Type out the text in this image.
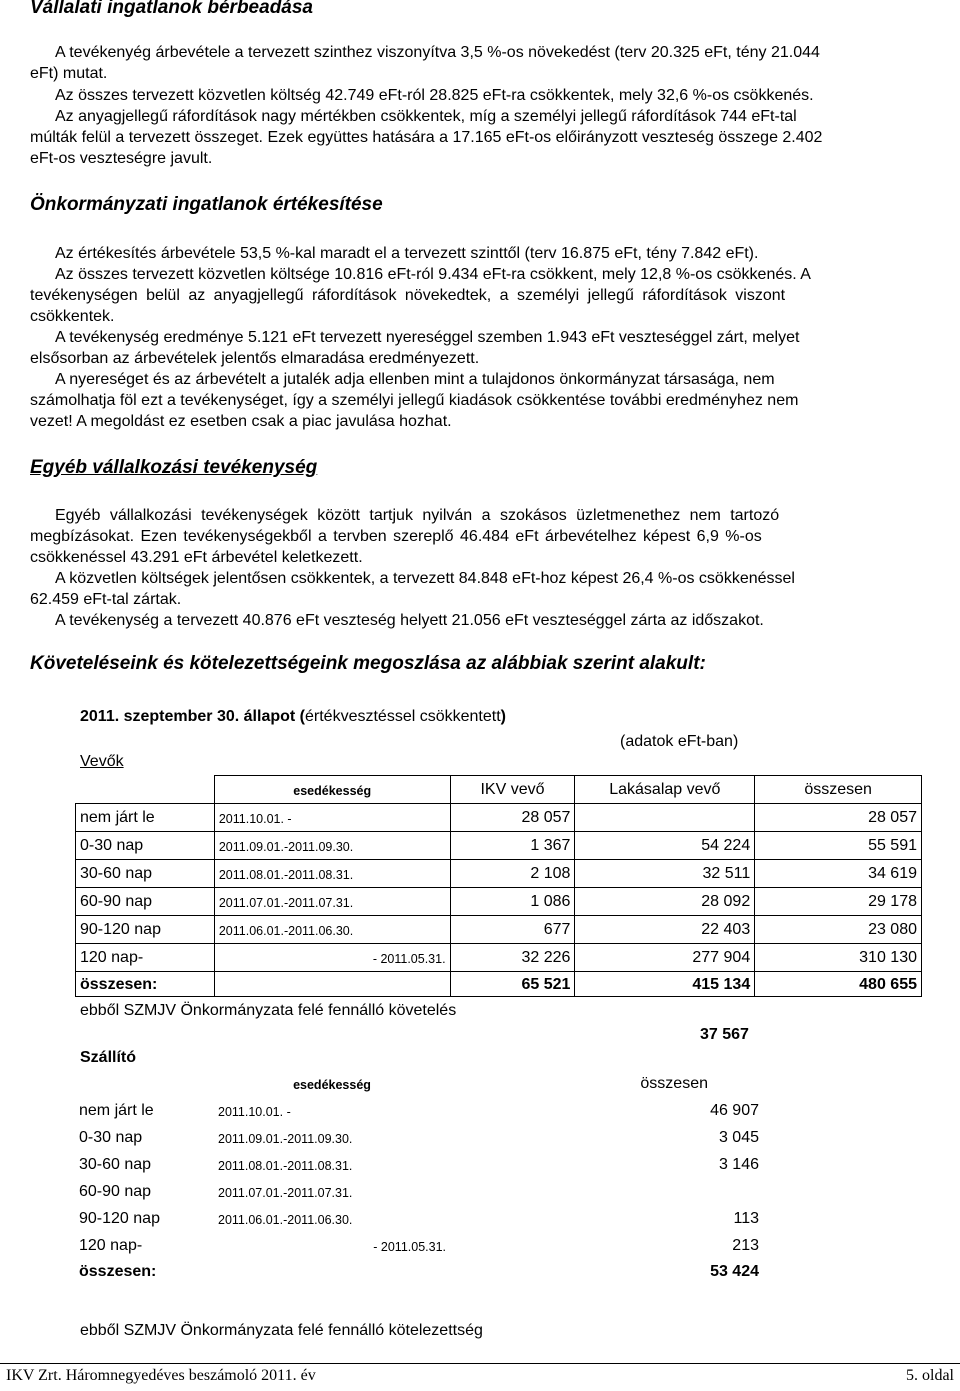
Vállalati ingatlanok bérbeadása
A tevékenyég árbevétele a tervezett szinthez viszonyítva 3,5 %-os növekedést (terv 20.325 eFt, tény 21.044
eFt) mutat.
Az összes tervezett közvetlen költség 42.749 eFt-ról 28.825 eFt-ra csökkentek, mely 32,6 %-os csökkenés.
Az anyagjellegű ráfordítások nagy mértékben csökkentek, míg a személyi jellegű ráfordítások 744 eFt-tal
múlták felül a tervezett összeget. Ezek együttes hatására a 17.165 eFt-os előirányzott veszteség összege 2.402
eFt-os veszteségre javult.
Önkormányzati ingatlanok értékesítése
Az értékesítés árbevétele 53,5 %-kal maradt el a tervezett szinttől (terv 16.875 eFt, tény 7.842 eFt).
Az összes tervezett közvetlen költsége 10.816 eFt-ról 9.434 eFt-ra csökkent, mely 12,8 %-os csökkenés. A
tevékenységen belül az anyagjellegű ráfordítások növekedtek, a személyi jellegű ráfordítások viszont
csökkentek.
A tevékenység eredménye 5.121 eFt tervezett nyereséggel szemben 1.943 eFt veszteséggel zárt, melyet
elsősorban az árbevételek jelentős elmaradása eredményezett.
A nyereséget és az árbevételt a jutalék adja ellenben mint a tulajdonos önkormányzat társasága, nem
számolhatja föl ezt a tevékenységet, így a személyi jellegű kiadások csökkentése további eredményhez nem
vezet! A megoldást ez esetben csak a piac javulása hozhat.
Egyéb vállalkozási tevékenység
Egyéb vállalkozási tevékenységek között tartjuk nyilván a szokásos üzletmenethez nem tartozó
megbízásokat. Ezen tevékenységekből a tervben szereplő 46.484 eFt árbevételhez képest 6,9 %-os
csökkenéssel 43.291 eFt árbevétel keletkezett.
A közvetlen költségek jelentősen csökkentek, a tervezett 84.848 eFt-hoz képest 26,4 %-os csökkenéssel
62.459 eFt-tal zártak.
A tevékenység a tervezett 40.876 eFt veszteség helyett 21.056 eFt veszteséggel zárta az időszakot.
Követeléseink és kötelezettségeink megoszlása az alábbiak szerint alakult:
2011. szeptember 30. állapot (értékvesztéssel csökkentett)
(adatok eFt-ban)
Vevők
	esedékesség	IKV vevő	Lakásalap vevő	összesen
nem járt le	2011.10.01. -	28 057		28 057
0-30 nap	2011.09.01.-2011.09.30.	1 367	54 224	55 591
30-60 nap	2011.08.01.-2011.08.31.	2 108	32 511	34 619
60-90 nap	2011.07.01.-2011.07.31.	1 086	28 092	29 178
90-120 nap	2011.06.01.-2011.06.30.	677	22 403	23 080
120 nap-	- 2011.05.31.	32 226	277 904	310 130
összesen:		65 521	415 134	480 655
ebből SZMJV Önkormányzata felé fennálló követelés
37 567
Szállító
	esedékesség	összesen
nem járt le	2011.10.01. -	46 907
0-30 nap	2011.09.01.-2011.09.30.	3 045
30-60 nap	2011.08.01.-2011.08.31.	3 146
60-90 nap	2011.07.01.-2011.07.31.	
90-120 nap	2011.06.01.-2011.06.30.	113
120 nap-	- 2011.05.31.	213
összesen:		53 424
ebből SZMJV Önkormányzata felé fennálló kötelezettség
IKV Zrt. Háromnegyedéves beszámoló 2011. év	5. oldal
